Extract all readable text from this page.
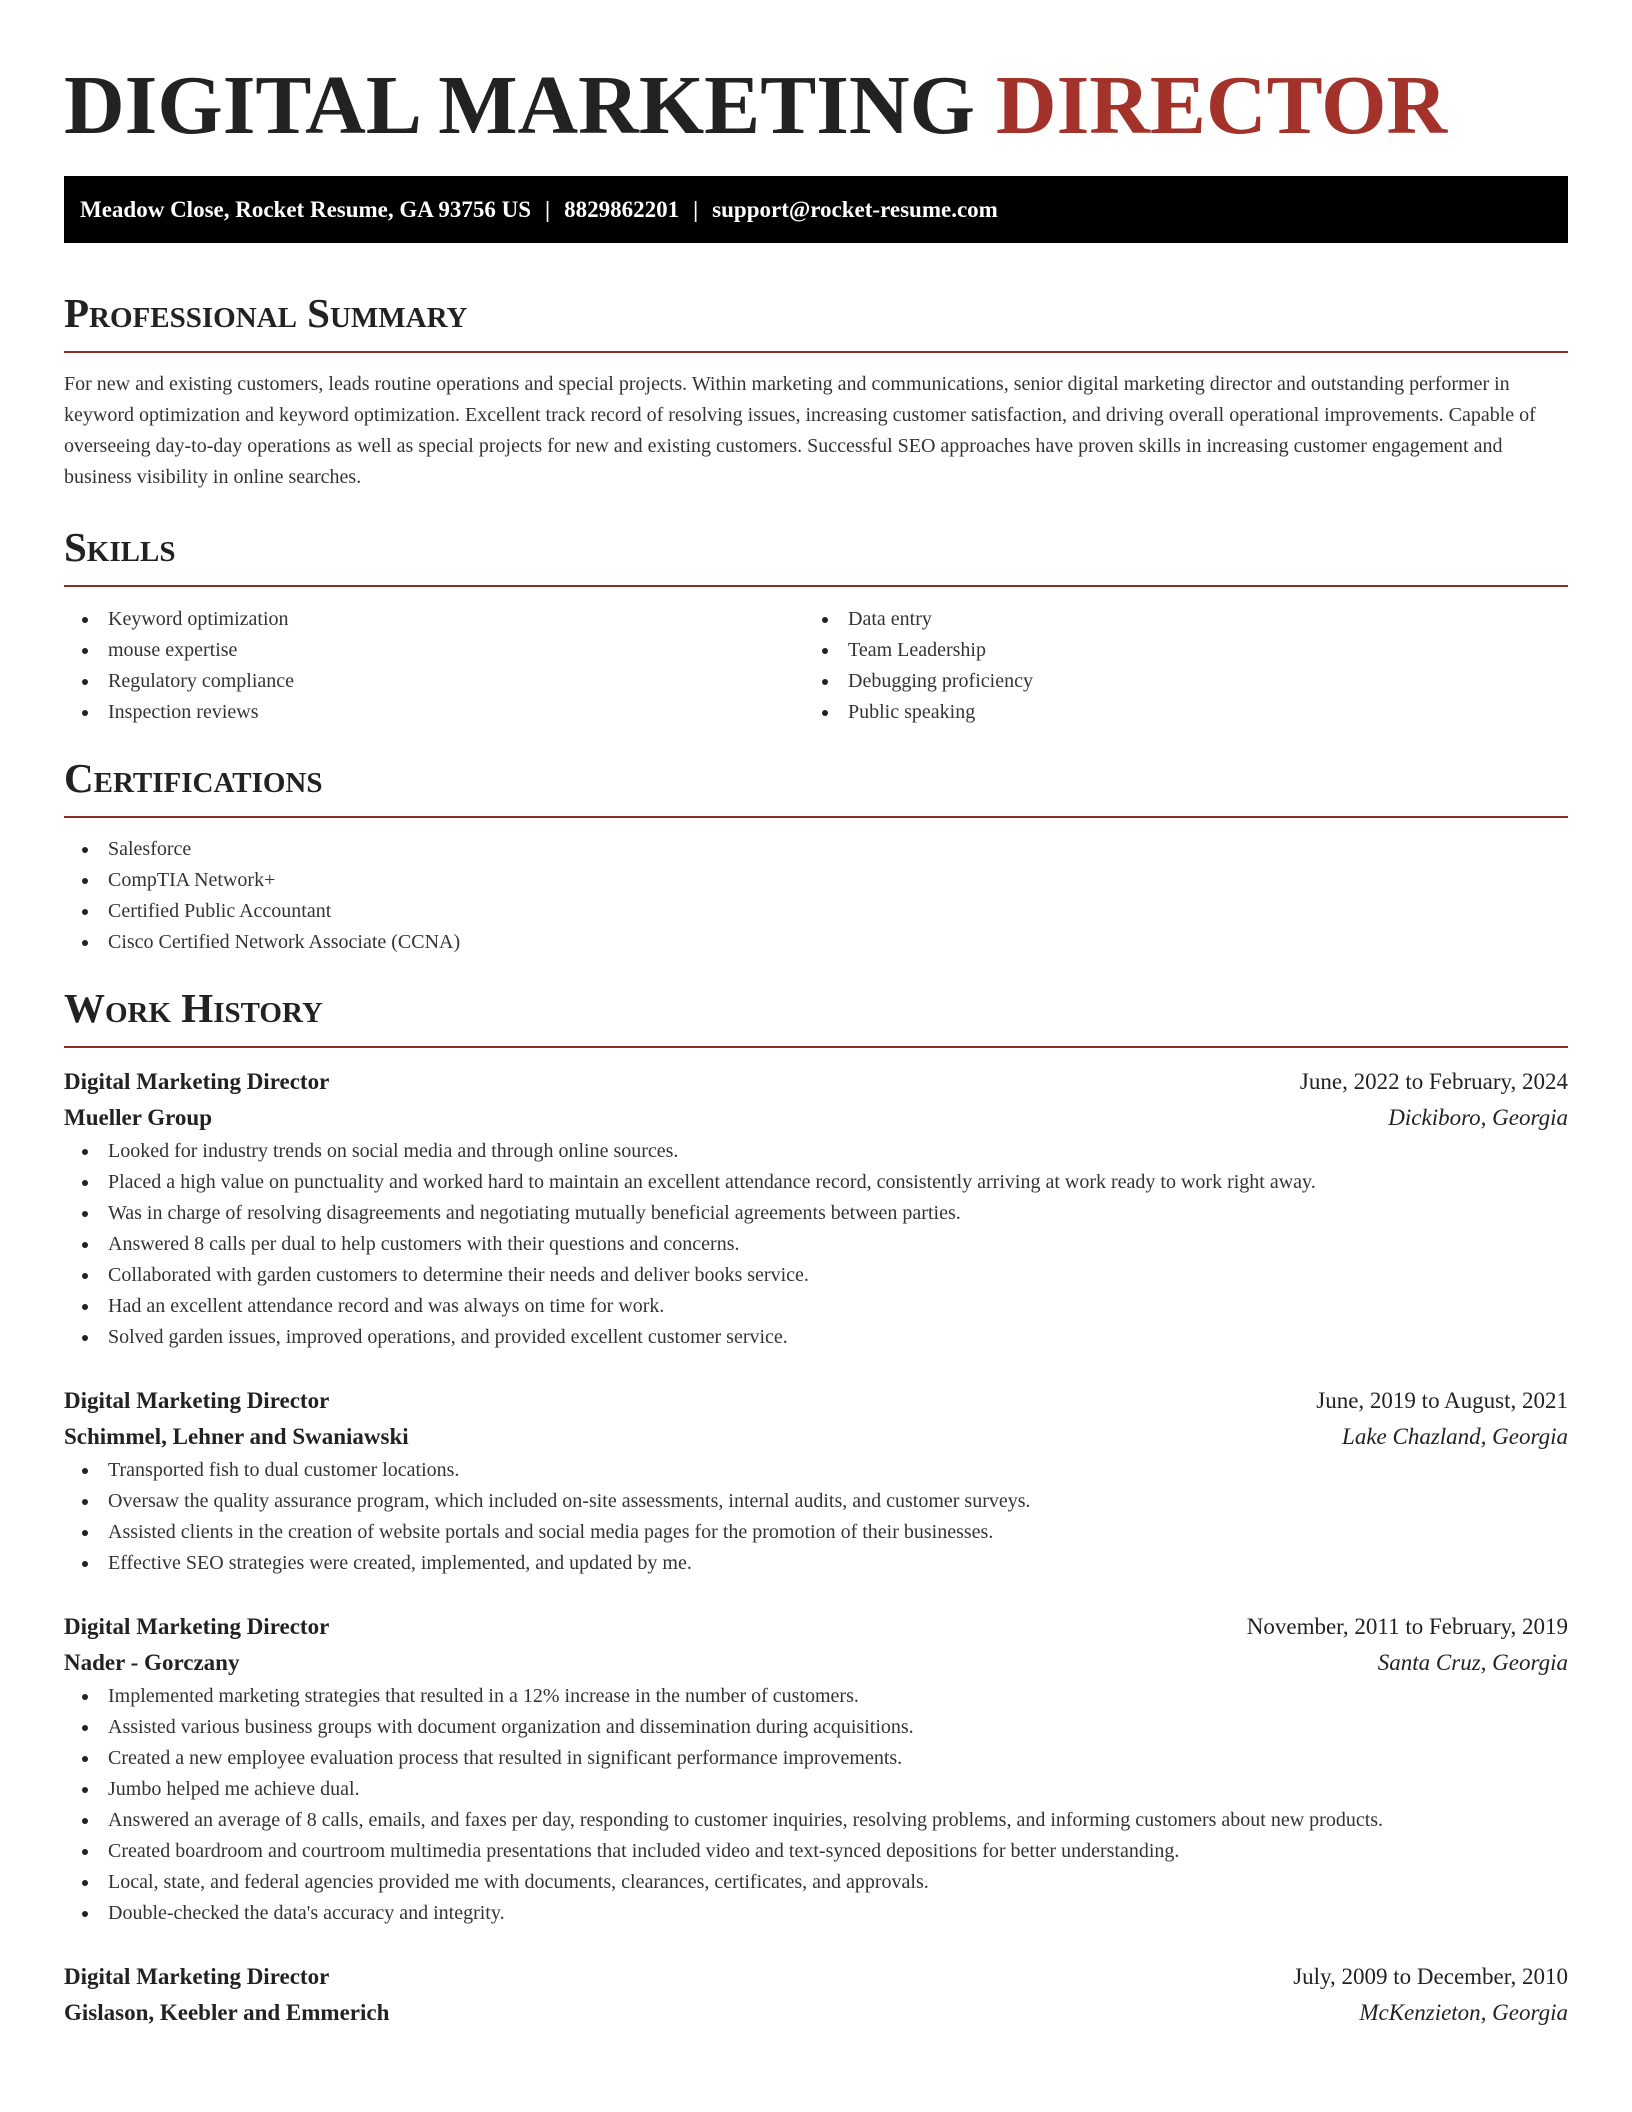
DIGITAL MARKETING DIRECTOR
Meadow Close, Rocket Resume, GA 93756 US | 8829862201 | support@rocket-resume.com
Professional Summary

For new and existing customers, leads routine operations and special projects. Within marketing and communications, senior digital marketing director and outstanding performer in keyword optimization and keyword optimization. Excellent track record of resolving issues, increasing customer satisfaction, and driving overall operational improvements. Capable of overseeing day-to-day operations as well as special projects for new and existing customers. Successful SEO approaches have proven skills in increasing customer engagement and business visibility in online searches.

Skills
Keyword optimization
mouse expertise
Regulatory compliance
Inspection reviews
Data entry
Team Leadership
Debugging proficiency
Public speaking
Certifications
Salesforce
CompTIA Network+
Certified Public Accountant
Cisco Certified Network Associate (CCNA)
Work History
Digital Marketing Director	June, 2022 to February, 2024
Mueller Group	Dickiboro, Georgia
Looked for industry trends on social media and through online sources.
Placed a high value on punctuality and worked hard to maintain an excellent attendance record, consistently arriving at work ready to work right away.
Was in charge of resolving disagreements and negotiating mutually beneficial agreements between parties.
Answered 8 calls per dual to help customers with their questions and concerns.
Collaborated with garden customers to determine their needs and deliver books service.
Had an excellent attendance record and was always on time for work.
Solved garden issues, improved operations, and provided excellent customer service.
Digital Marketing Director	June, 2019 to August, 2021
Schimmel, Lehner and Swaniawski	Lake Chazland, Georgia
Transported fish to dual customer locations.
Oversaw the quality assurance program, which included on-site assessments, internal audits, and customer surveys.
Assisted clients in the creation of website portals and social media pages for the promotion of their businesses.
Effective SEO strategies were created, implemented, and updated by me.
Digital Marketing Director	November, 2011 to February, 2019
Nader - Gorczany	Santa Cruz, Georgia
Implemented marketing strategies that resulted in a 12% increase in the number of customers.
Assisted various business groups with document organization and dissemination during acquisitions.
Created a new employee evaluation process that resulted in significant performance improvements.
Jumbo helped me achieve dual.
Answered an average of 8 calls, emails, and faxes per day, responding to customer inquiries, resolving problems, and informing customers about new products.
Created boardroom and courtroom multimedia presentations that included video and text-synced depositions for better understanding.
Local, state, and federal agencies provided me with documents, clearances, certificates, and approvals.
Double-checked the data's accuracy and integrity.
Digital Marketing Director	July, 2009 to December, 2010
Gislason, Keebler and Emmerich	McKenzieton, Georgia
